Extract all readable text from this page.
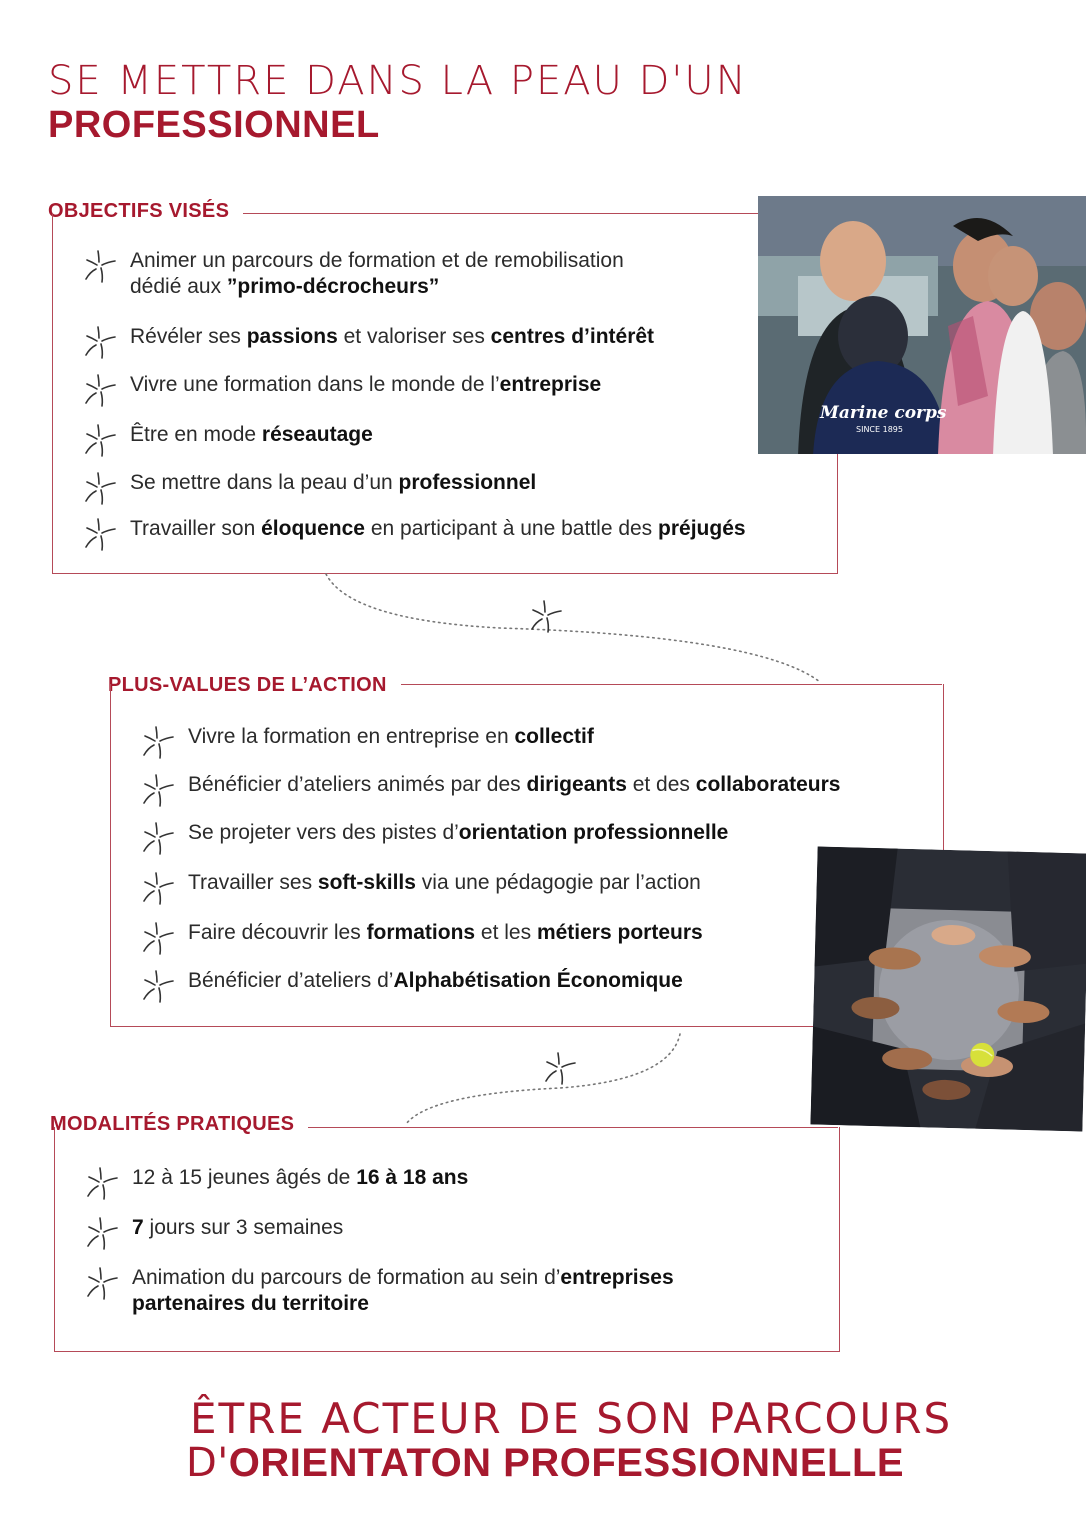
SE METTRE DANS LA PEAU D'UN
PROFESSIONNEL
OBJECTIFS VISÉS
Animer un parcours de formation et de remobilisation
dédié aux ”primo-décrocheurs”
Révéler ses passions et valoriser ses centres d’intérêt
Vivre une formation dans le monde de l’entreprise
Être en mode réseautage
Se mettre dans la peau d’un professionnel
Travailler son éloquence en participant à une battle des préjugés
Marine corps
SINCE 1895
PLUS-VALUES DE L’ACTION
Vivre la formation en entreprise en collectif
Bénéficier d’ateliers animés par des dirigeants et des collaborateurs
Se projeter vers des pistes d’orientation professionnelle
Travailler ses soft-skills via une pédagogie par l’action
Faire découvrir les formations et les métiers porteurs
Bénéficier d’ateliers d’Alphabétisation Économique
MODALITÉS PRATIQUES
12 à 15 jeunes âgés de 16 à 18 ans
7 jours sur 3 semaines
Animation du parcours de formation au sein d’entreprises
partenaires du territoire
ÊTRE ACTEUR DE SON PARCOURS
D'ORIENTATON PROFESSIONNELLE
